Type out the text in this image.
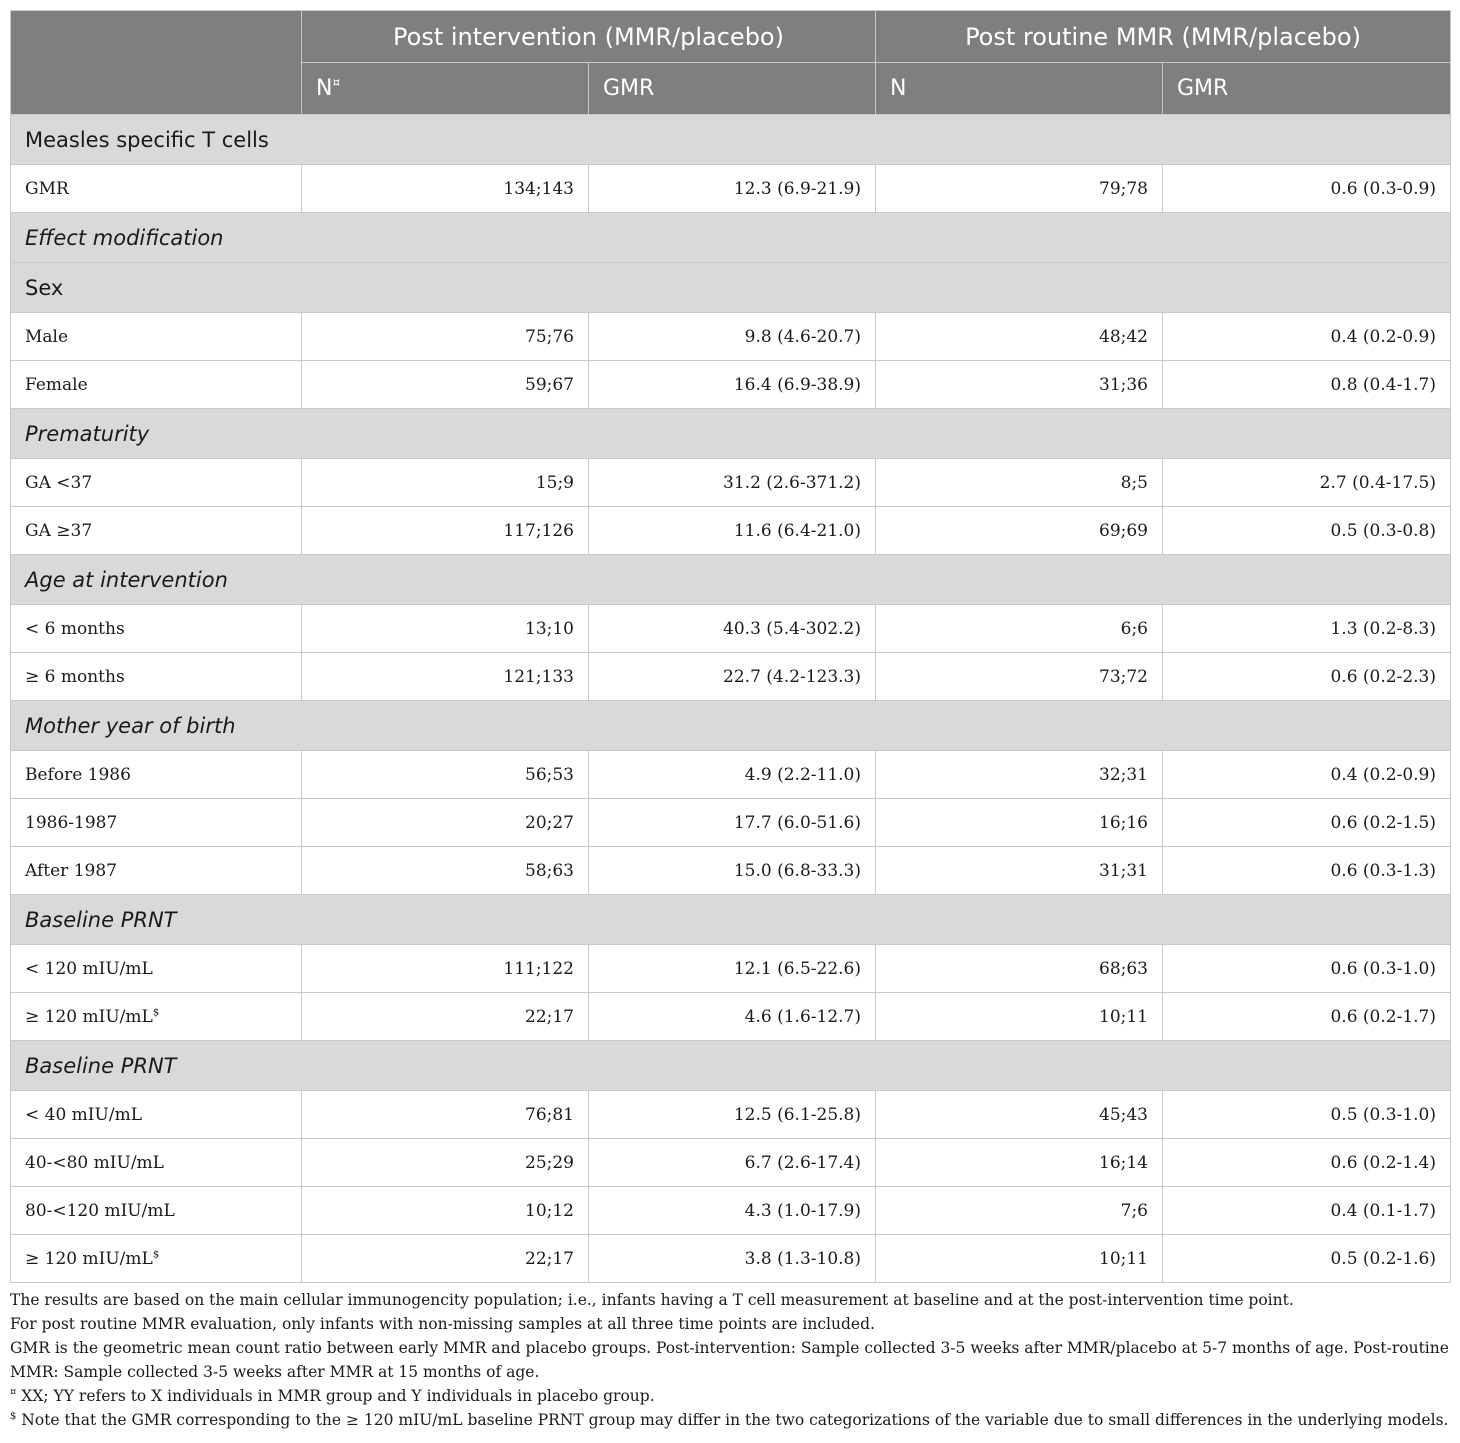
	Post intervention (MMR/placebo)		Post routine MMR (MMR/placebo)	
	N¤	GMR	N	GMR
Measles specific T cells				
GMR	134;143	12.3 (6.9-21.9)	79;78	0.6 (0.3-0.9)
Effect modification				
Sex				
Male	75;76	9.8 (4.6-20.7)	48;42	0.4 (0.2-0.9)
Female	59;67	16.4 (6.9-38.9)	31;36	0.8 (0.4-1.7)
Prematurity				
GA <37	15;9	31.2 (2.6-371.2)	8;5	2.7 (0.4-17.5)
GA ≥37	117;126	11.6 (6.4-21.0)	69;69	0.5 (0.3-0.8)
Age at intervention				
< 6 months	13;10	40.3 (5.4-302.2)	6;6	1.3 (0.2-8.3)
≥ 6 months	121;133	22.7 (4.2-123.3)	73;72	0.6 (0.2-2.3)
Mother year of birth				
Before 1986	56;53	4.9 (2.2-11.0)	32;31	0.4 (0.2-0.9)
1986-1987	20;27	17.7 (6.0-51.6)	16;16	0.6 (0.2-1.5)
After 1987	58;63	15.0 (6.8-33.3)	31;31	0.6 (0.3-1.3)
Baseline PRNT				
< 120 mIU/mL	111;122	12.1 (6.5-22.6)	68;63	0.6 (0.3-1.0)
≥ 120 mIU/mL$	22;17	4.6 (1.6-12.7)	10;11	0.6 (0.2-1.7)
Baseline PRNT				
< 40 mIU/mL	76;81	12.5 (6.1-25.8)	45;43	0.5 (0.3-1.0)
40-<80 mIU/mL	25;29	6.7 (2.6-17.4)	16;14	0.6 (0.2-1.4)
80-<120 mIU/mL	10;12	4.3 (1.0-17.9)	7;6	0.4 (0.1-1.7)
≥ 120 mIU/mL$	22;17	3.8 (1.3-10.8)	10;11	0.5 (0.2-1.6)

The results are based on the main cellular immunogencity population; i.e., infants having a T cell measurement at baseline and at the post-intervention time point.

For post routine MMR evaluation, only infants with non-missing samples at all three time points are included.

GMR is the geometric mean count ratio between early MMR and placebo groups. Post-intervention: Sample collected 3-5 weeks after MMR/placebo at 5-7 months of age. Post-routine MMR: Sample collected 3-5 weeks after MMR at 15 months of age.

¤ XX; YY refers to X individuals in MMR group and Y individuals in placebo group.

$ Note that the GMR corresponding to the ≥ 120 mIU/mL baseline PRNT group may differ in the two categorizations of the variable due to small differences in the underlying models.
